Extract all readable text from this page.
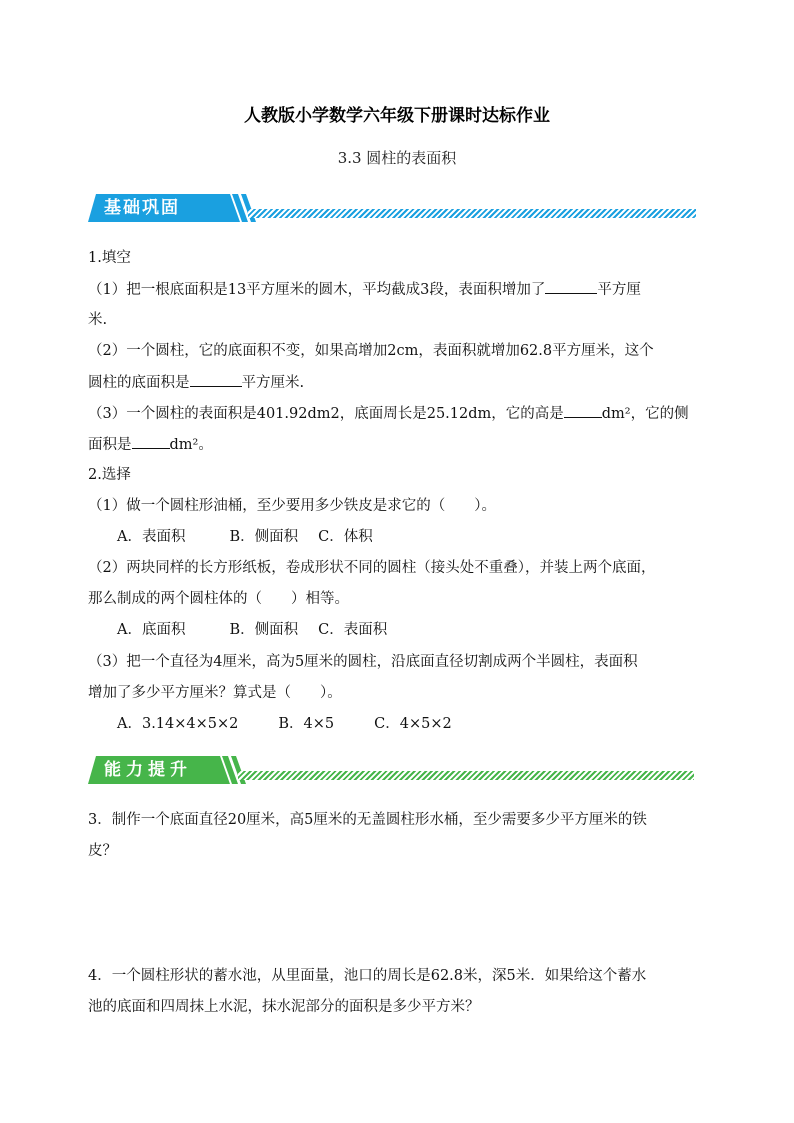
人教版小学数学六年级下册课时达标作业
3.3 圆柱的表面积
基础巩固
1.填空
（1）把一根底面积是13平方厘米的圆木，平均截成3段，表面积增加了	平方厘
米.
（2）一个圆柱，它的底面积不变，如果高增加2cm，表面积就增加62.8平方厘米，这个
圆柱的底面积是	平方厘米.
（3）一个圆柱的表面积是401.92dm2，底面周长是25.12dm，它的高是	dm²，它的侧
面积是	dm²。
2.选择
（1）做一个圆柱形油桶，至少要用多少铁皮是求它的（　　）。
A．表面积	B．侧面积 C．体积
（2）两块同样的长方形纸板，卷成形状不同的圆柱（接头处不重叠），并装上两个底面，
那么制成的两个圆柱体的（　　）相等。
A．底面积	B．侧面积 C．表面积
（3）把一个直径为4厘米，高为5厘米的圆柱，沿底面直径切割成两个半圆柱，表面积
增加了多少平方厘米？算式是（　　）。
A．3.14×4×5×2	B．4×5	C．4×5×2
能力提升
3．制作一个底面直径20厘米，高5厘米的无盖圆柱形水桶，至少需要多少平方厘米的铁
皮？
4．一个圆柱形状的蓄水池，从里面量，池口的周长是62.8米，深5米．如果给这个蓄水
池的底面和四周抹上水泥，抹水泥部分的面积是多少平方米？
